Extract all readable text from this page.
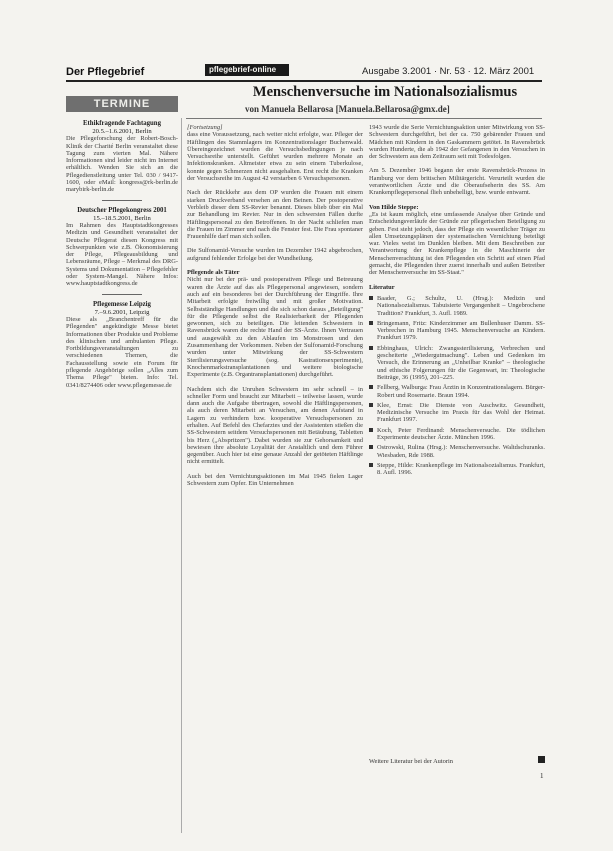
Der Pflegebrief	pflegebrief-online	Ausgabe 3.2001 · Nr. 53 · 12. März 2001
TERMINE
Menschenversuche im Nationalsozialismus
von Manuela Bellarosa [Manuela.Bellarosa@gmx.de]
Ethikfragende Fachtagung
20.5.–1.6.2001, Berlin

Die Pflegeforschung der Robert-Bosch-Klinik der Charité Berlin veranstaltet diese Tagung zum vierten Mal. Nähere Informationen sind leider nicht im Internet erhältlich. Wenden Sie sich an die Pflegedienstleitung unter Tel. 030 / 9417-1600, oder eMail: kongress@rk-berlin.de marybirk-berlin.de

Deutscher Pflegekongress 2001
15.–18.5.2001, Berlin

Im Rahmen des Hauptstadtkongresses Medizin und Gesundheit veranstaltet der Deutsche Pflegerat diesen Kongress mit Schwerpunkten wie z.B. Ökonomisierung der Pflege, Pflegeausbildung und Lebensräume, Pflege – Merkmal des DRG-Systems und Dokumentation – Pflegefehler oder System-Mangel. Nähere Infos: www.hauptstadtkongress.de

Pflegemesse Leipzig
7.–9.6.2001, Leipzig

Diese als „Branchentreff für die Pflegenden" angekündigte Messe bietet Informationen über Produkte und Probleme des klinischen und ambulanten Pflege. Fortbildungsveranstaltungen zu verschiedenen Themen, die Fachausstellung sowie ein Forum für pflegende Angehörige sollen „Alles zum Thema Pflege" bieten. Info: Tel. 0341/8274406 oder www.pflegemesse.de

[Fortsetzung]

dass eine Voraussetzung, nach weiter nicht erfolgte, war. Pfleger der Häftlingen des Stammlagers im Konzentrationslager Buchenwald. Übereingezeichnet wurden die Versuchsbedingungen je nach Versuchsreihe unterstellt. Geführt wurden mehrere Monate an Infektionskranken. Altmeister etwa zu sein einem Tuberkulose, konnte gegen Schmerzen nicht ausgehalten. Erst recht die Kranken der Versuchsreihe im August 42 verstarben 6 Versuchspersonen.

Nach der Rückkehr aus dem OP wurden die Frauen mit einem starken Druckverband versehen an den Beinen. Der postoperative Verbleib dieser dem SS-Revier benannt. Dieses blieb über ein Mal zur Behandlung im Revier. Nur in den schwersten Fällen durfte Häftlingspersonal zu den Betroffenen. In der Nacht schliefen man die Frauen im Zimmer und nach die Fenster fest. Die Frau spontaner Frauenhilfe darf man sich sollen.

Die Sulfonamid-Versuche wurden im Dezember 1942 abgebrochen, aufgrund fehlender Erfolge bei der Wundheilung.

Pflegende als Täter

Nicht nur bei der prä- und postoperativen Pflege und Betreuung waren die Ärzte auf das als Pflegepersonal angewiesen, sondern auch auf ein besonderes bei der Durchführung der Eingriffe. Ihre Mitarbeit erfolgte freiwillig und mit großer Motivation. Selbstständige Handlungen und die sich schon daraus „Beteiligung" für die Pflegende selbst die Realisierbarkeit der Pflegenden gewonnen, sich zu beteiligen. Die leitenden Schwestern in Ravensbrück waren die rechte Hand der SS-Ärzte. Ihnen Vertrauen und ausgewählt zu den Ablaufen im Monstrosen und den Zusammenhang der Vorkommen. Neben der Sulfonamid-Forschung wurden unter Mitwirkung der SS-Schwestern Sterilisierungsversuche (sog. Kastrationsexperimente), Knochenmarkstransplantationen und weitere biologische Experimente (z.B. Organtransplantationen) durchgeführt.

Nachdem sich die Unruhen Schwestern im sehr schnell – in schneller Form und braucht zur Mitarbeit – teilweise lassen, wurde dann auch die Aufgabe übertragen, sowohl die Häftlingspersonen, als auch deren Mitarbeit an Versuchen, am denen Aufstand in Lagern zu verhindern bzw. kooperative Versuchspersonen zu erhalten. Auf Befehl des Chefarztes und der Assistenten stießen die SS-Schwestern seitdem Versuchspersonen mit Betäubung, Tabletten bis Herz („Abspritzen"). Dabei wurden sie zur Gehorsamkeit und bewiesen ihre absolute Loyalität der Anstaltlich und dem Führer gegenüber. Auch hier ist eine genaue Anzahl der getöteten Häftlinge nicht ermittelt.

Auch bei den Vernichtungsaktionen im Mai 1945 fielen Lager Schwestern zum Opfer. Ein Unternehmen

1943 wurde die Serie Vernichtungsaktion unter Mitwirkung von SS-Schwestern durchgeführt, bei der ca. 750 gebärender Frauen und Mädchen mit Kindern in den Gaskammern getötet. In Ravensbrück wurden Hunderte, die ab 1942 der Gefangenen in den Versuchen in der Schwestern aus dem Zeitraum seit mit Todesfolgen.

Am 5. Dezember 1946 begann der erste Ravensbrück-Prozess in Hamburg vor dem britischen Militärgericht. Verurteilt wurden die verantwortlichen Ärzte und die Oberaufseherin des SS. Am Krankenpflegepersonal flieh unbehelligt, bzw. wurde entwarnt.

Von Hilde Steppe:

„Es ist kaum möglich, eine umfassende Analyse über Gründe und Entscheidungsverläufe der Gründe zur pflegerischen Beteiligung zu geben. Fest steht jedoch, dass der Pflege ein wesentlicher Träger zu allen Umsetzungsplänen der systematischen Vernichtung beteiligt war. Vieles weist im Dunklen bleiben. Mit dem Beschreiben zur Verantwortung der Krankenpflege in die Maschinerie der Menschenverachtung ist den Pflegenden ein Schritt auf einen Pfad gemacht, die Pflegenden ihrer zuerst innerhalb und außen Betreiber der Menschenversuche im SS-Staat."

Literatur

Baader, G.; Schultz, U. (Hrsg.): Medizin und Nationalsozialismus. Tabuisierte Vergangenheit – Ungebrochene Tradition? Frankfurt, 3. Aufl. 1989.
Bringemann, Fritz: Kinderzimmer am Bullenhuser Damm. SS-Verbrechen in Hamburg 1945. Menschenversuche an Kindern. Frankfurt 1979.
Ebbinghaus, Ulrich: Zwangssterilisierung, Verbrechen und gescheiterte „Wiedergutmachung". Leben und Gedenken im Versuch, die Erinnerung an „Unheilbar Kranke" – theologische und ethische Folgerungen für die Gegenwart, in: Theologische Beiträge, 36 (1995), 201–225.
Fellberg, Walburga: Frau Ärztin in Konzentrationslagern. Bürger-Robert und Rosemarie. Braun 1994.
Klee, Ernst: Die Dienste von Auschwitz. Gesundheit, Medizinische Versuche im Praxis für das Wohl der Heimat. Frankfurt 1997.
Koch, Peter Ferdinand: Menschenversuche. Die tödlichen Experimente deutscher Ärzte. München 1996.
Ostrowski, Rulina (Hrsg.): Menschenversuche. Waltdschuranks. Wiesbaden, Rde 1988.
Steppe, Hilde: Krankenpflege im Nationalsozialismus. Frankfurt, 8. Aufl. 1996.
Weitere Literatur bei der Autorin
1
